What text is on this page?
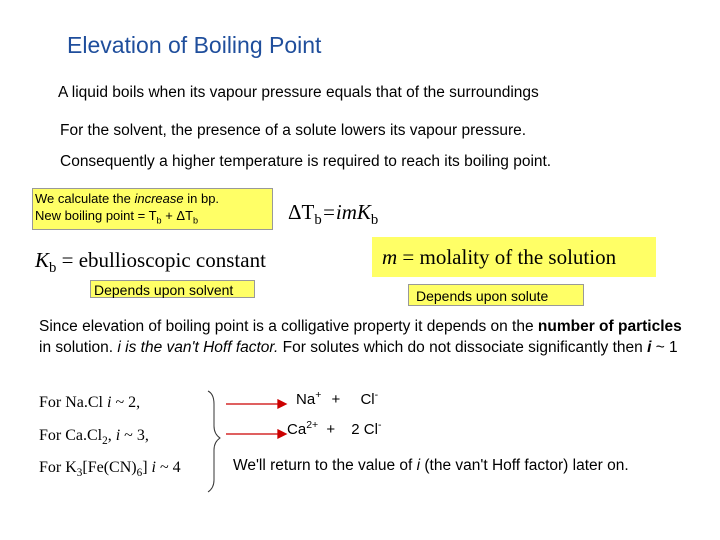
Elevation of Boiling Point
A liquid boils when its vapour pressure equals that of the surroundings
For the solvent, the presence of a solute lowers its vapour pressure.
Consequently a higher temperature is required to reach its boiling point.
We calculate the increase in bp.
New boiling point = $T_b + \Delta T_b$	$\Delta T_b=imK_b$
$K_b$ = ebullioscopic constant	m = molality of the solution
Depends upon solvent	Depends upon solute
Since elevation of boiling point is a colligative property it depends on the number of particles in solution. i is the van't Hoff factor. For solutes which do not dissociate significantly then i ~ 1
For Na.Cl i ~ 2,
For $Ca.Cl_2$, i ~ 3,
For $K_3[Fe(CN)_6]$ i ~ 4
Na+ + Cl-
$Ca^{2+} + 2$ Cl-
We'll return to the value of i (the van't Hoff factor) later on.
